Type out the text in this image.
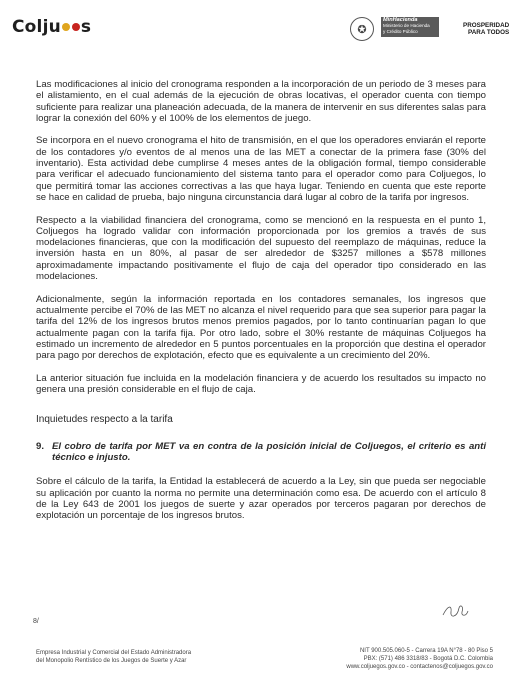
Colju s	✪
MinHacienda
Ministerio de Hacienda
y Crédito Público
PROSPERIDAD
PARA TODOS

Las modificaciones al inicio del cronograma responden a la incorporación de un periodo de 3 meses para el alistamiento, en el cual además de la ejecución de obras locativas, el operador cuenta con tiempo suficiente para realizar una planeación adecuada, de la manera de intervenir en sus diferentes salas para lograr la conexión del 60% y el 100% de los elementos de juego.

Se incorpora en el nuevo cronograma el hito de transmisión, en el que los operadores enviarán el reporte de los contadores y/o eventos de al menos una de las MET a conectar de la primera fase (30% del inventario). Esta actividad debe cumplirse 4 meses antes de la obligación formal, tiempo considerable para verificar el adecuado funcionamiento del sistema tanto para el operador como para Coljuegos, lo que permitirá tomar las acciones correctivas a las que haya lugar. Teniendo en cuenta que este reporte se hace en calidad de prueba, bajo ninguna circunstancia dará lugar al cobro de la tarifa por ingresos.

Respecto a la viabilidad financiera del cronograma, como se mencionó en la respuesta en el punto 1, Coljuegos ha logrado validar con información proporcionada por los gremios a través de sus modelaciones financieras, que con la modificación del supuesto del reemplazo de máquinas, reduce la inversión hasta en un 80%, al pasar de ser alrededor de $3257 millones a $578 millones aproximadamente impactando positivamente el flujo de caja del operador tipo considerado en las modelaciones.

Adicionalmente, según la información reportada en los contadores semanales, los ingresos que actualmente percibe el 70% de las MET no alcanza el nivel requerido para que sea superior para pagar la tarifa del 12% de los ingresos brutos menos premios pagados, por lo tanto continuarían pagan lo que actualmente pagan con la tarifa fija. Por otro lado, sobre el 30% restante de máquinas Coljuegos ha estimado un incremento de alrededor en 5 puntos porcentuales en la proporción que destina el operador para pago por derechos de explotación, efecto que es equivalente a un crecimiento del 20%.

La anterior situación fue incluida en la modelación financiera y de acuerdo los resultados su impacto no genera una presión considerable en el flujo de caja.

Inquietudes respecto a la tarifa
9. El cobro de tarifa por MET va en contra de la posición inicial de Coljuegos, el criterio es anti técnico e injusto.

Sobre el cálculo de la tarifa, la Entidad la establecerá de acuerdo a la Ley, sin que pueda ser negociable su aplicación por cuanto la norma no permite una determinación como esa. De acuerdo con el artículo 8 de la Ley 643 de 2001 los juegos de suerte y azar operados por terceros pagaran por derechos de explotación un porcentaje de los ingresos brutos.

8/
Empresa Industrial y Comercial del Estado Administradora
del Monopolio Rentístico de los Juegos de Suerte y Azar
NIT 900.505.060-5 - Carrera 19A N°78 - 80 Piso 5
PBX: (571) 486 3318/83 - Bogotá D.C. Colombia
www.coljuegos.gov.co - contactenos@coljuegos.gov.co
